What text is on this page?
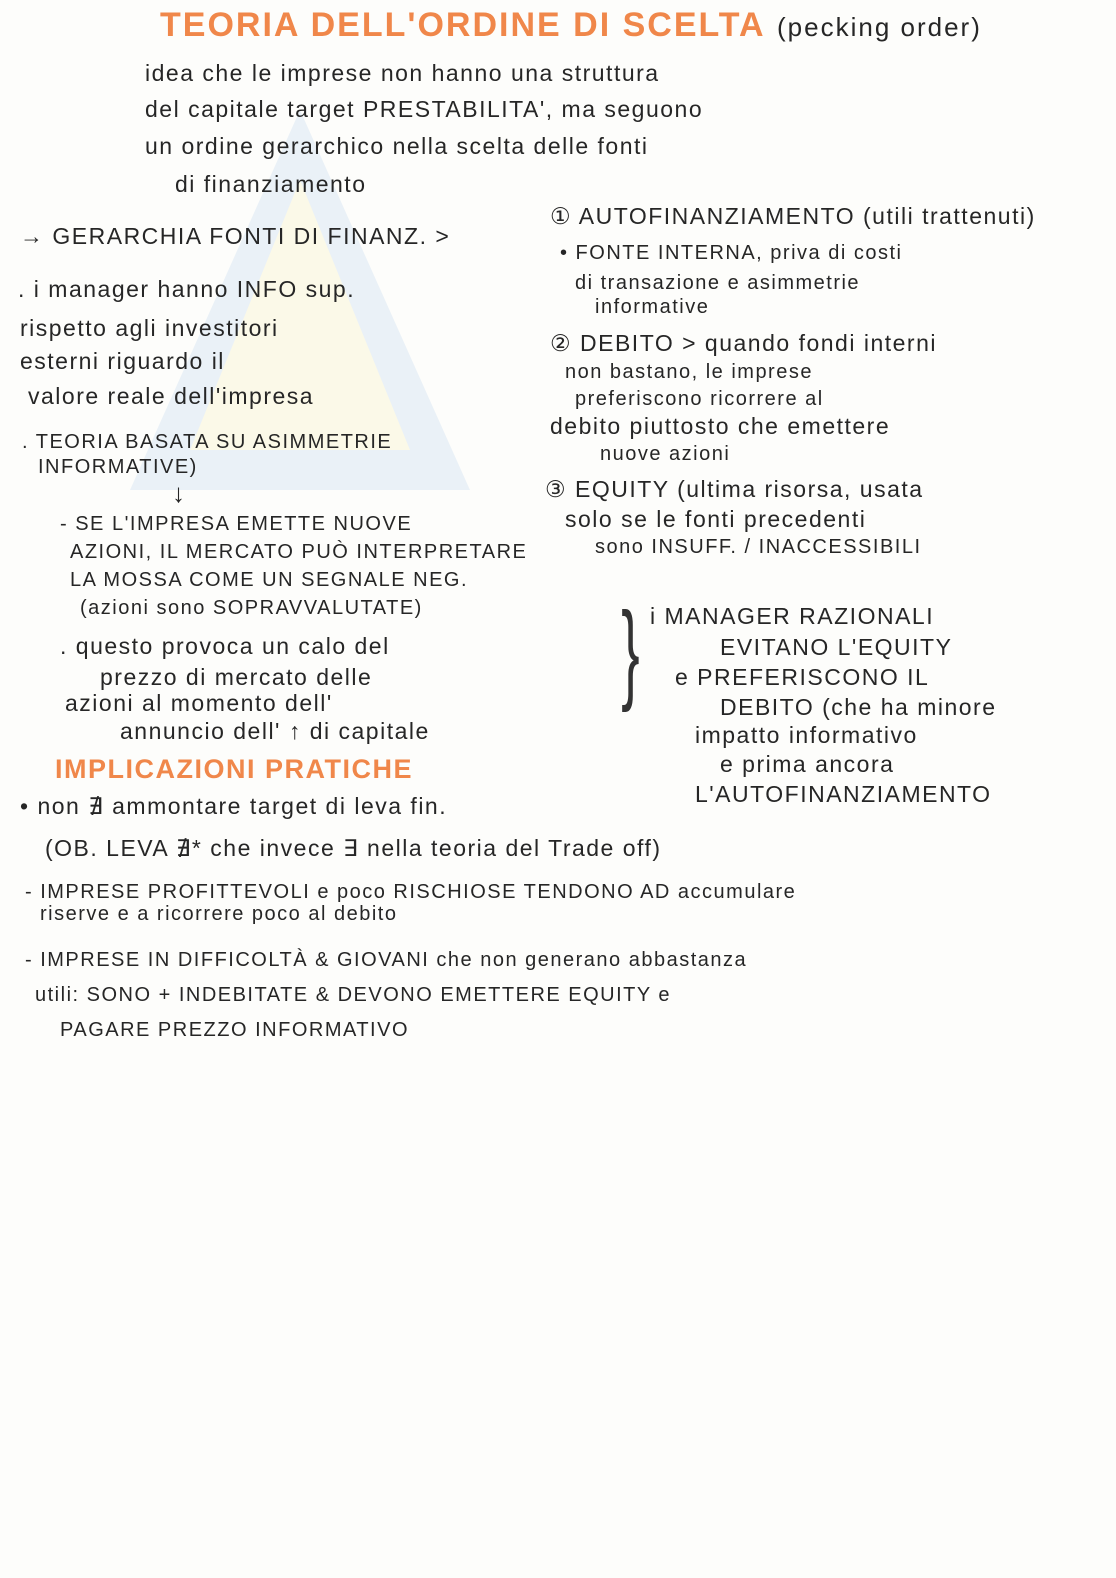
TEORIA DELL'ORDINE DI SCELTA (pecking order)
idea che le imprese non hanno una struttura
del capitale target PRESTABILITA', ma seguono
un ordine gerarchico nella scelta delle fonti
di finanziamento
→ GERARCHIA FONTI DI FINANZ. >
① AUTOFINANZIAMENTO (utili trattenuti)
• FONTE INTERNA, priva di costi
di transazione e asimmetrie
informative
② DEBITO > quando fondi interni
non bastano, le imprese
preferiscono ricorrere al
debito piuttosto che emettere
nuove azioni
③ EQUITY (ultima risorsa, usata
solo se le fonti precedenti
sono INSUFF. / INACCESSIBILI
. i manager hanno INFO sup.
rispetto agli investitori
esterni riguardo il
valore reale dell'impresa
. TEORIA BASATA SU ASIMMETRIE
INFORMATIVE)
↓
- SE L'IMPRESA EMETTE NUOVE
AZIONI, IL MERCATO PUÒ INTERPRETARE
LA MOSSA COME UN SEGNALE NEG.
(azioni sono SOPRAVVALUTATE)
. questo provoca un calo del
prezzo di mercato delle
azioni al momento dell'
annuncio dell' ↑ di capitale
} i MANAGER RAZIONALI
EVITANO L'EQUITY
e PREFERISCONO IL
DEBITO (che ha minore
impatto informativo
e prima ancora
L'AUTOFINANZIAMENTO
IMPLICAZIONI PRATICHE
• non ∄ ammontare target di leva fin.
(OB. LEVA ∄* che invece ∃ nella teoria del Trade off)
- IMPRESE PROFITTEVOLI e poco RISCHIOSE TENDONO AD accumulare
riserve e a ricorrere poco al debito
- IMPRESE IN DIFFICOLTÀ & GIOVANI che non generano abbastanza
utili: SONO + INDEBITATE & DEVONO EMETTERE EQUITY e
PAGARE PREZZO INFORMATIVO
